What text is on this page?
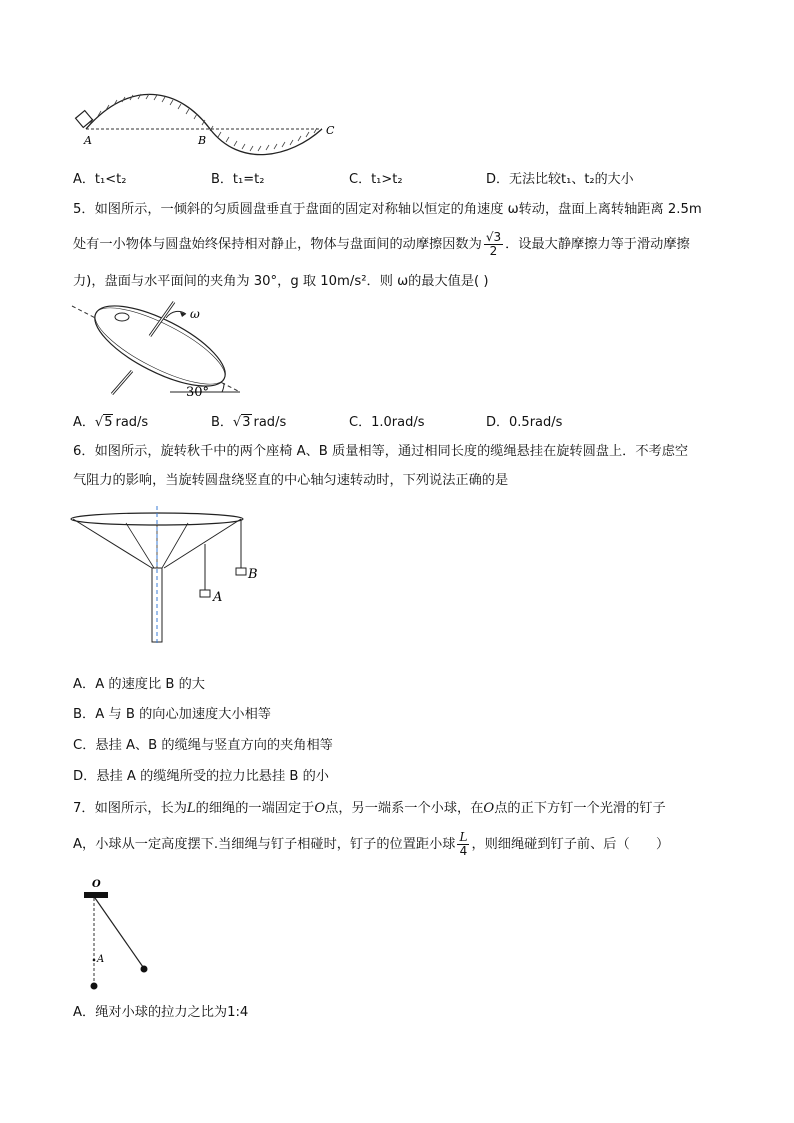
A	B
C
A．t₁<t₂	B．t₁=t₂	C．t₁>t₂	D．无法比较t₁、t₂的大小
5．如图所示，一倾斜的匀质圆盘垂直于盘面的固定对称轴以恒定的角速度 ω转动，盘面上离转轴距离 2.5m
处有一小物体与圆盘始终保持相对静止，物体与盘面间的动摩擦因数为 $\frac{√3}{2}$ ．设最大静摩擦力等于滑动摩擦
力)，盘面与水平面间的夹角为 30°，g 取 10m/s²．则 ω的最大值是( )
ω
30°
A．√5 rad/s	B．√3 rad/s	C．1.0rad/s	D．0.5rad/s
6．如图所示，旋转秋千中的两个座椅 A、B 质量相等，通过相同长度的缆绳悬挂在旋转圆盘上．不考虑空
气阻力的影响，当旋转圆盘绕竖直的中心轴匀速转动时，下列说法正确的是
A
B
A．A 的速度比 B 的大
B．A 与 B 的向心加速度大小相等
C．悬挂 A、B 的缆绳与竖直方向的夹角相等
D．悬挂 A 的缆绳所受的拉力比悬挂 B 的小
7．如图所示，长为L的细绳的一端固定于O点，另一端系一个小球，在O点的正下方钉一个光滑的钉子
A，小球从一定高度摆下.当细绳与钉子相碰时，钉子的位置距小球 $\frac{L}{4}$ ，则细绳碰到钉子前、后（　　）
O
A
A．绳对小球的拉力之比为1:4
